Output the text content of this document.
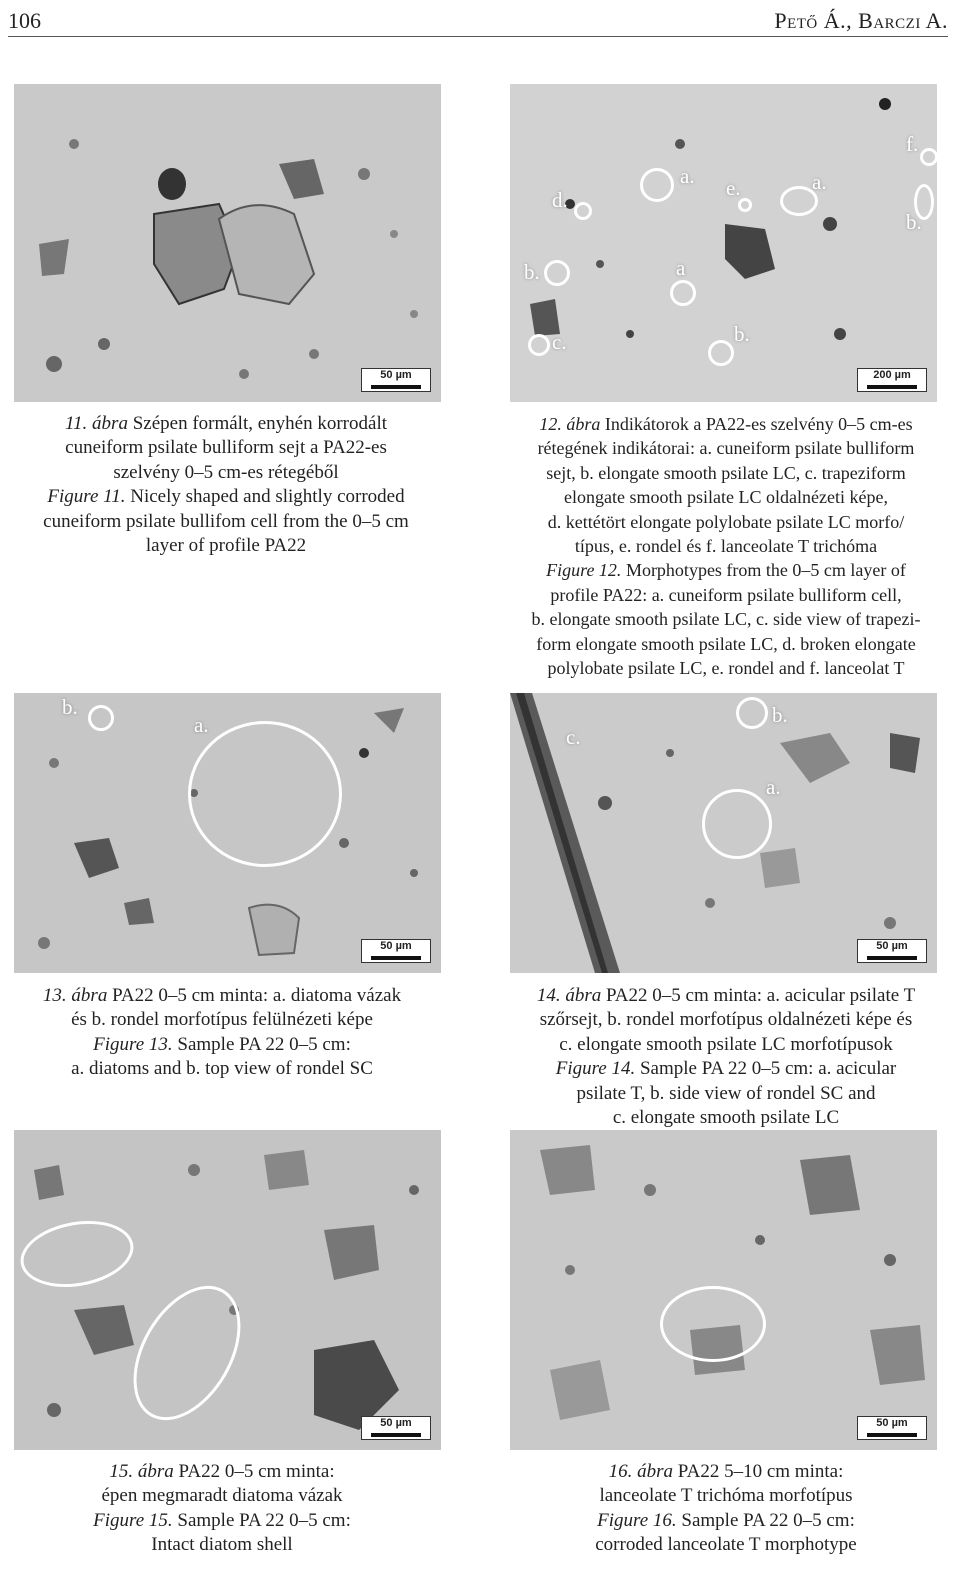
106	Pető Á., Barczi A.
50 µm
f.
a. e.	a.
d.
b.
b.	a
c.	b.
200 µm
11. ábra Szépen formált, enyhén korrodált
cuneiform psilate bulliform sejt a PA22-es
szelvény 0–5 cm-es rétegéből
Figure 11. Nicely shaped and slightly corroded
cuneiform psilate bullifom cell from the 0–5 cm
layer of profile PA22
12. ábra Indikátorok a PA22-es szelvény 0–5 cm-es
rétegének indikátorai: a. cuneiform psilate bulliform
sejt, b. elongate smooth psilate LC, c. trapeziform
elongate smooth psilate LC oldalnézeti képe,
d. kettétört elongate polylobate psilate LC morfo/
típus, e. rondel és f. lanceolate T trichóma
Figure 12. Morphotypes from the 0–5 cm layer of
profile PA22: a. cuneiform psilate bulliform cell,
b. elongate smooth psilate LC, c. side view of trapezi-
form elongate smooth psilate LC, d. broken elongate
polylobate psilate LC, e. rondel and f. lanceolat T
b.
a.
50 µm
b.
c.
a.
50 µm
13. ábra PA22 0–5 cm minta: a. diatoma vázak
és b. rondel morfotípus felülnézeti képe
Figure 13. Sample PA 22 0–5 cm:
a. diatoms and b. top view of rondel SC
14. ábra PA22 0–5 cm minta: a. acicular psilate T
szőrsejt, b. rondel morfotípus oldalnézeti képe és
c. elongate smooth psilate LC morfotípusok
Figure 14. Sample PA 22 0–5 cm: a. acicular
psilate T, b. side view of rondel SC and
c. elongate smooth psilate LC
50 µm	50 µm
15. ábra PA22 0–5 cm minta:
épen megmaradt diatoma vázak
Figure 15. Sample PA 22 0–5 cm:
Intact diatom shell
16. ábra PA22 5–10 cm minta:
lanceolate T trichóma morfotípus
Figure 16. Sample PA 22 0–5 cm:
corroded lanceolate T morphotype
